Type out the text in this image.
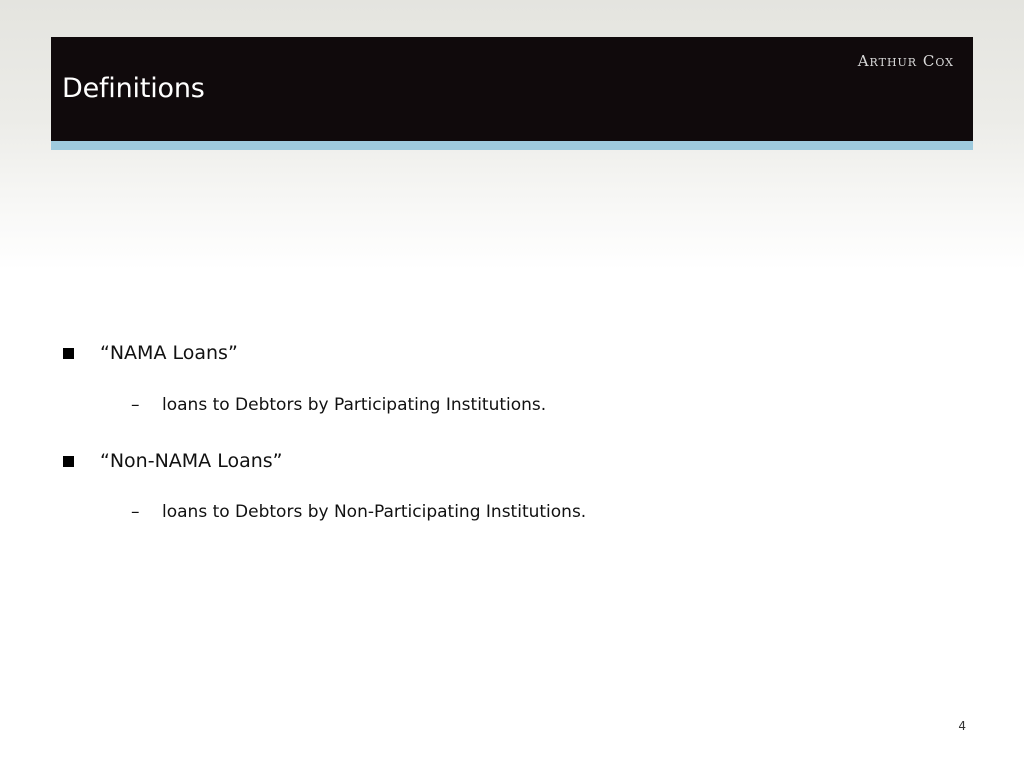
Definitions
Arthur Cox
“NAMA Loans”
–	loans to Debtors by Participating Institutions.
“Non-NAMA Loans”
–	loans to Debtors by Non-Participating Institutions.
4
